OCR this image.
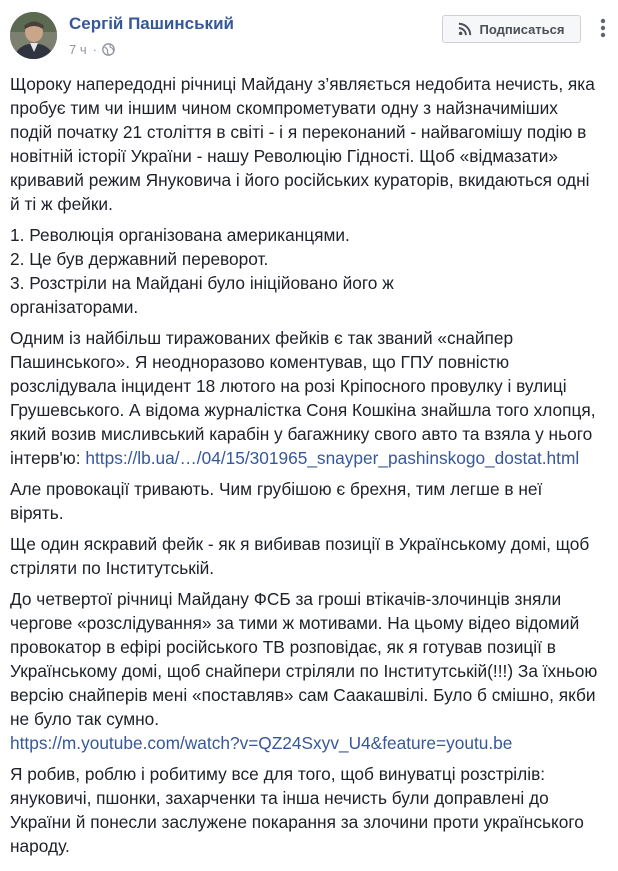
Сергій Пашинський
7 ч ·
Подписаться

Щороку напередодні річниці Майдану з’являється недобита нечисть, яка
пробує тим чи іншим чином скомпрометувати одну з найзначиміших
подій початку 21 століття в світі - і я переконаний - найвагомішу подію в
новітній історії України - нашу Революцію Гідності. Щоб «відмазати»
кривавий режим Януковича і його російських кураторів, вкидаються одні
й ті ж фейки.

1. Революція організована американцями.
2. Це був державний переворот.
3. Розстріли на Майдані було ініційовано його ж
організаторами.

Одним із найбільш тиражованих фейків є так званий «снайпер
Пашинського». Я неодноразово коментував, що ГПУ повністю
розслідувала інцидент 18 лютого на розі Кріпосного провулку і вулиці
Грушевського. А відома журналістка Соня Кошкіна знайшла того хлопця,
який возив мисливський карабін у багажнику свого авто та взяла у нього
інтерв'ю: https://lb.ua/…/04/15/301965_snayper_pashinskogo_dostat.html

Але провокації тривають. Чим грубішою є брехня, тим легше в неї
вірять.

Ще один яскравий фейк - як я вибивав позиції в Українському домі, щоб
стріляти по Інститутській.

До четвертої річниці Майдану ФСБ за гроші втікачів-злочинців зняли
чергове «розслідування» за тими ж мотивами. На цьому відео відомий
провокатор в ефірі російського ТВ розповідає, як я готував позиції в
Українському домі, щоб снайпери стріляли по Інститутській(!!!) За їхньою
версію снайперів мені «поставляв» сам Саакашвілі. Було б смішно, якби
не було так сумно.
https://m.youtube.com/watch?v=QZ24Sxyv_U4&feature=youtu.be

Я робив, роблю і робитиму все для того, щоб винуватці розстрілів:
януковичі, пшонки, захарченки та інша нечисть були доправлені до
України й понесли заслужене покарання за злочини проти українського
народу.
